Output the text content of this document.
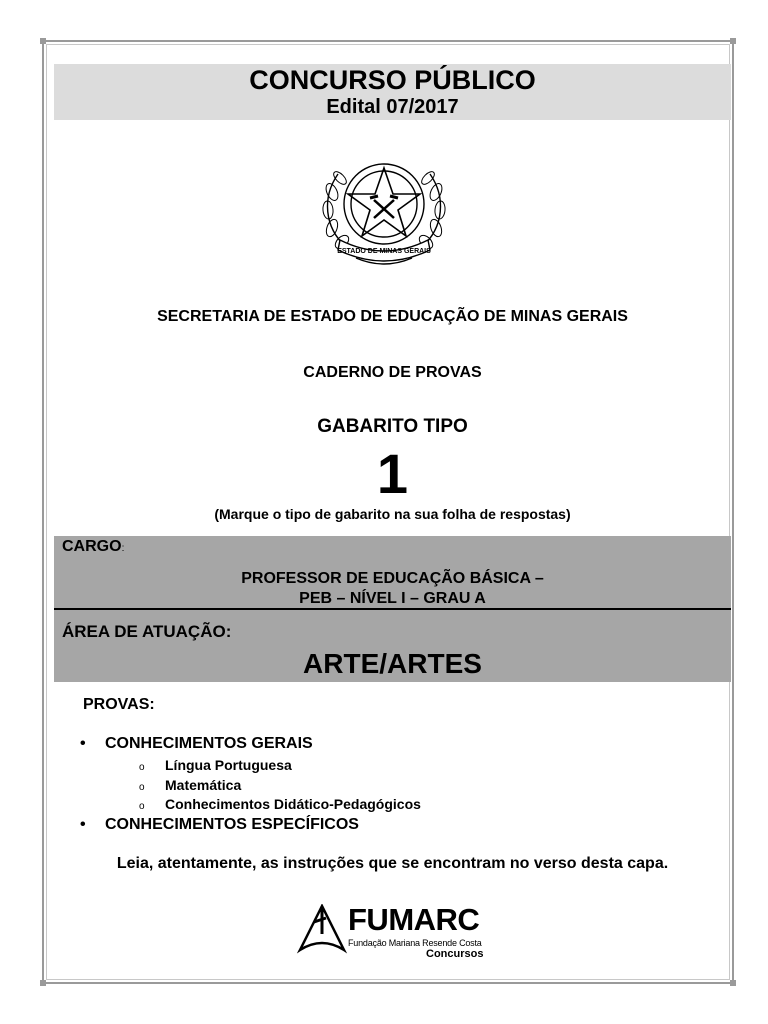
CONCURSO PÚBLICO
Edital 07/2017
ESTADO DE MINAS GERAIS
SECRETARIA DE ESTADO DE EDUCAÇÃO DE MINAS GERAIS
CADERNO DE PROVAS
GABARITO TIPO
1
(Marque o tipo de gabarito na sua folha de respostas)
CARGO:
PROFESSOR DE EDUCAÇÃO BÁSICA –
PEB – NÍVEL I – GRAU A
ÁREA DE ATUAÇÃO:
ARTE/ARTES
PROVAS:
• CONHECIMENTOS GERAIS
o Língua Portuguesa
o Matemática
o Conhecimentos Didático-Pedagógicos
• CONHECIMENTOS ESPECÍFICOS
Leia, atentamente, as instruções que se encontram no verso desta capa.
FUMARC
Fundação Mariana Resende Costa
Concursos
